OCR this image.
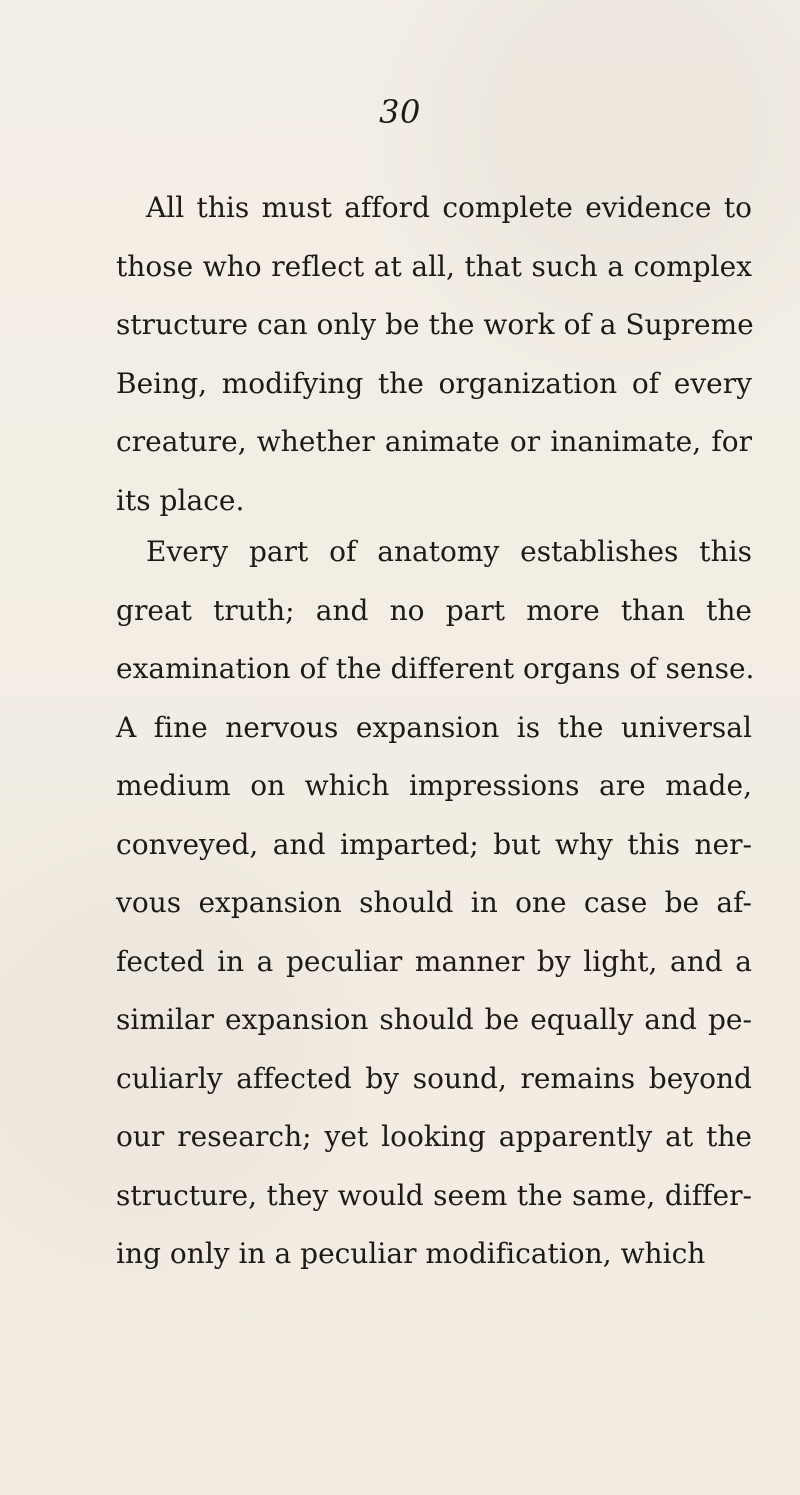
30
All this must afford complete evidence to
those who reflect at all, that such a complex
structure can only be the work of a Supreme
Being, modifying the organization of every
creature, whether animate or inanimate, for
its place.
Every part of anatomy establishes this
great truth; and no part more than the
examination of the different organs of sense.
A fine nervous expansion is the universal
medium on which impressions are made,
conveyed, and imparted; but why this ner-
vous expansion should in one case be af-
fected in a peculiar manner by light, and a
similar expansion should be equally and pe-
culiarly affected by sound, remains beyond
our research; yet looking apparently at the
structure, they would seem the same, differ-
ing only in a peculiar modification, which
